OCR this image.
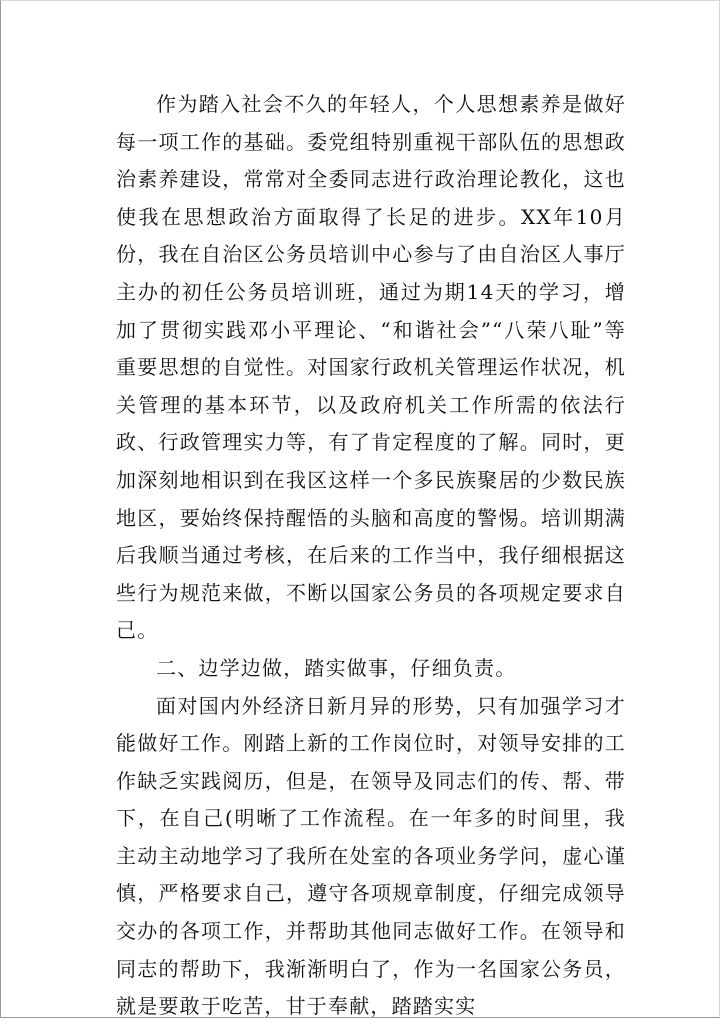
作为踏入社会不久的年轻人，个人思想素养是做好每一项工作的基础。委党组特别重视干部队伍的思想政治素养建设，常常对全委同志进行政治理论教化，这也使我在思想政治方面取得了长足的进步。XX年10月份，我在自治区公务员培训中心参与了由自治区人事厅主办的初任公务员培训班，通过为期14天的学习，增加了贯彻实践邓小平理论、“和谐社会”“八荣八耻”等重要思想的自觉性。对国家行政机关管理运作状况，机关管理的基本环节，以及政府机关工作所需的依法行政、行政管理实力等，有了肯定程度的了解。同时，更加深刻地相识到在我区这样一个多民族聚居的少数民族地区，要始终保持醒悟的头脑和高度的警惕。培训期满后我顺当通过考核，在后来的工作当中，我仔细根据这些行为规范来做，不断以国家公务员的各项规定要求自己。

二、边学边做，踏实做事，仔细负责。

面对国内外经济日新月异的形势，只有加强学习才能做好工作。刚踏上新的工作岗位时，对领导安排的工作缺乏实践阅历，但是，在领导及同志们的传、帮、带下，在自己(明晰了工作流程。在一年多的时间里，我主动主动地学习了我所在处室的各项业务学问，虚心谨慎，严格要求自己，遵守各项规章制度，仔细完成领导交办的各项工作，并帮助其他同志做好工作。在领导和同志的帮助下，我渐渐明白了，作为一名国家公务员，就是要敢于吃苦，甘于奉献，踏踏实实
